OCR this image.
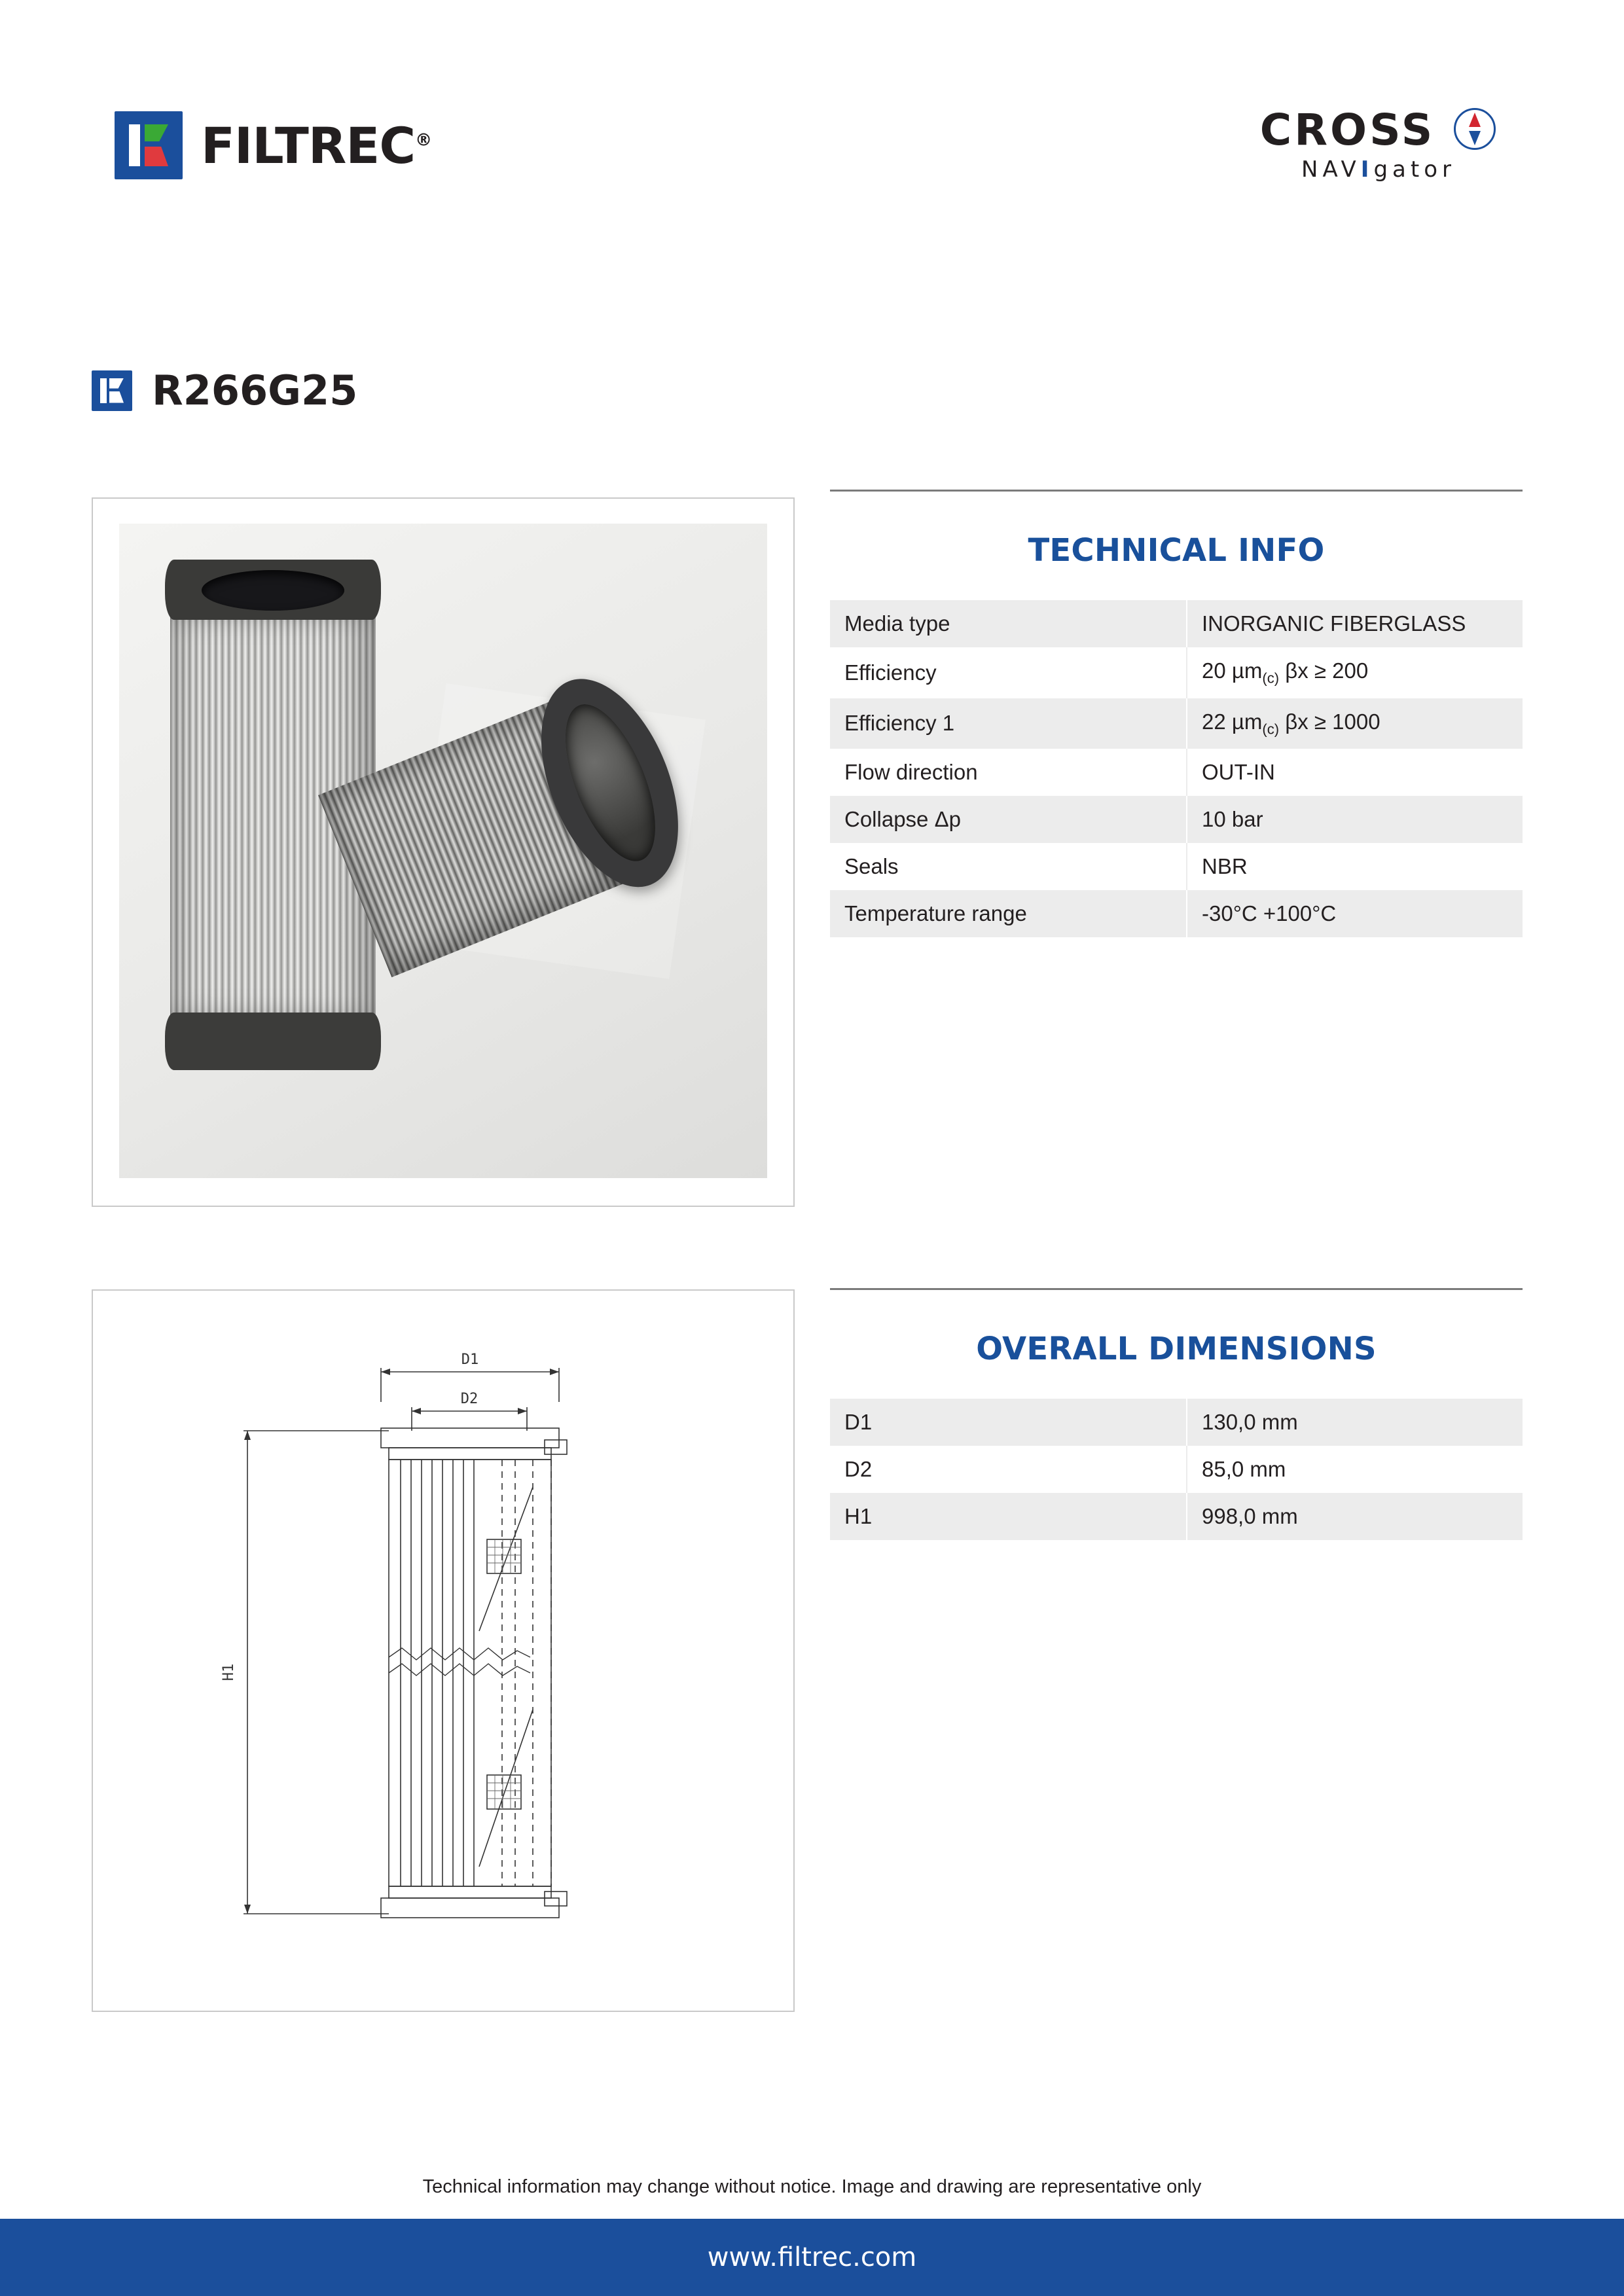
FILTREC®	CROSS
NAVIgator
R266G25
TECHNICAL INFO
Media type	INORGANIC FIBERGLASS
Efficiency	20 µm$_{(c)}$ βx ≥ 200
Efficiency 1	22 µm$_{(c)}$ βx ≥ 1000
Flow direction	OUT-IN
Collapse Δp	10 bar
Seals	NBR
Temperature range	-30°C +100°C
D1
D2
H1
OVERALL DIMENSIONS
D1	130,0 mm
D2	85,0 mm
H1	998,0 mm
Technical information may change without notice. Image and drawing are representative only
www.filtrec.com
